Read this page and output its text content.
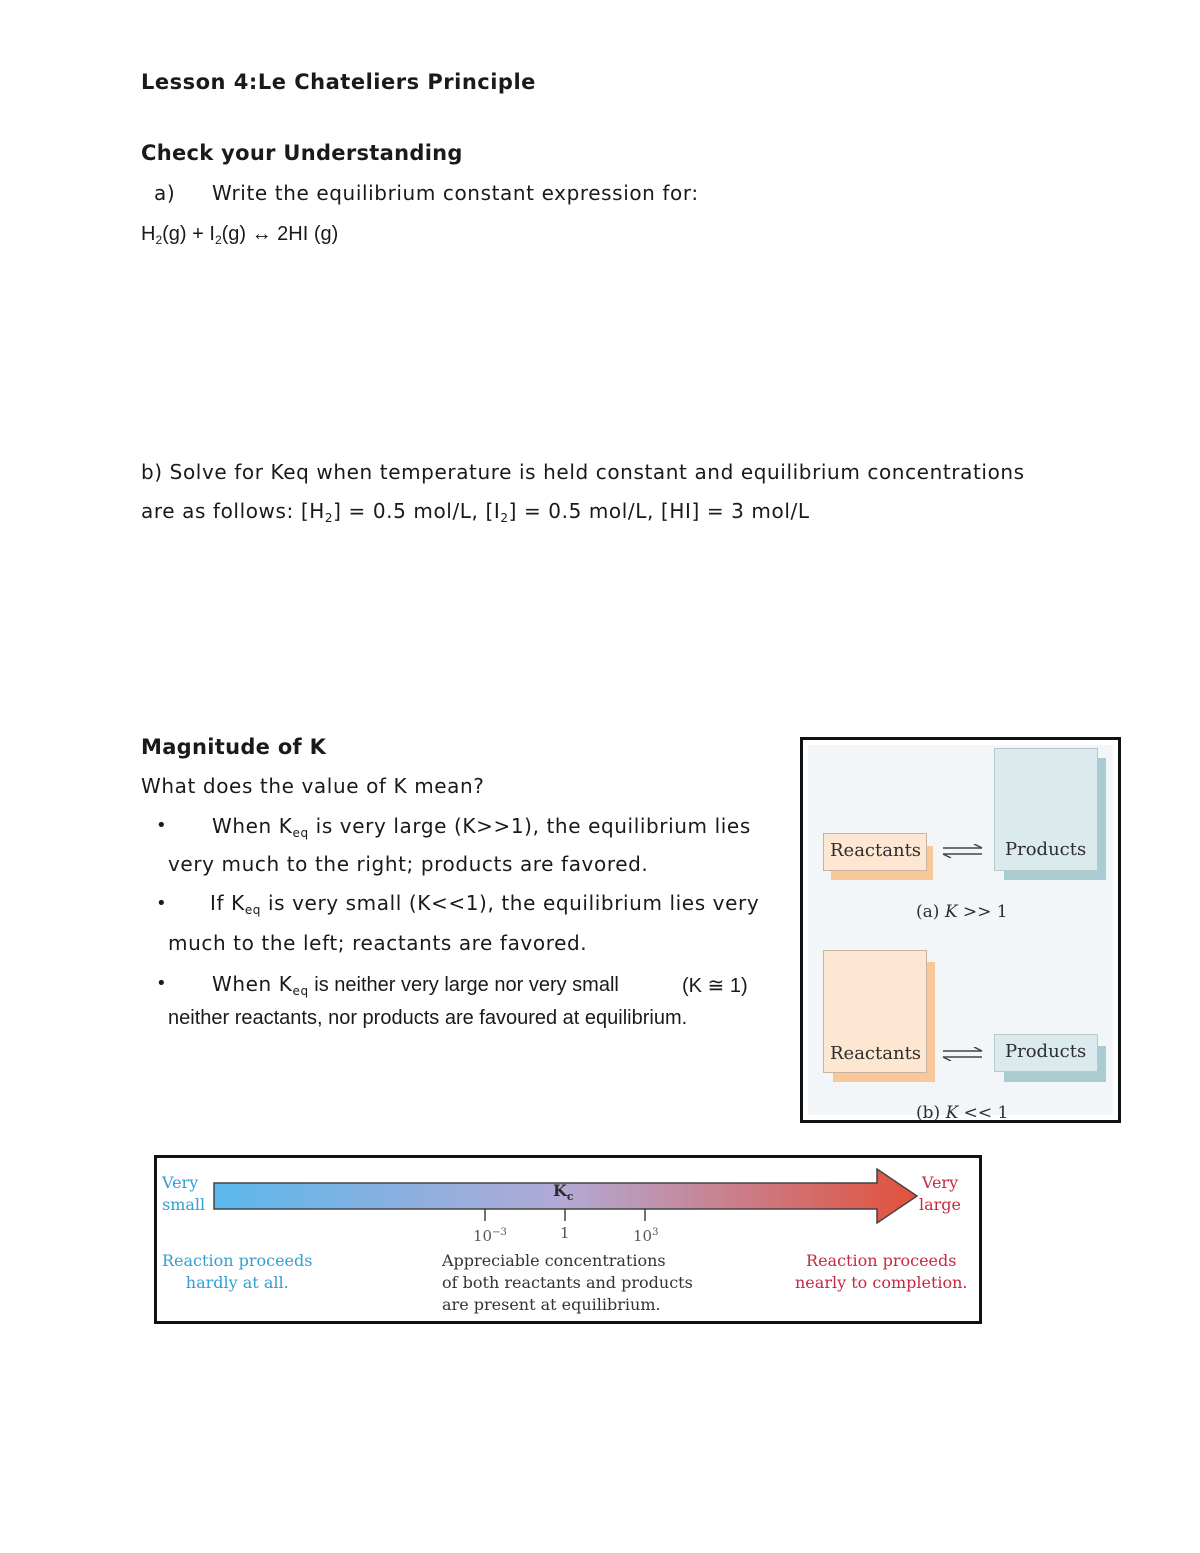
Lesson 4:Le Chateliers Principle
Check your Understanding
a) Write the equilibrium constant expression for:
$H_2(g) + I_2(g)$ ↔ 2HI (g)
b) Solve for Keq when temperature is held constant and equilibrium concentrations
are as follows: $[H_2] = 0.5$ mol/L, $[I_2] = 0.5$ mol/L, [HI] = 3 mol/L
Magnitude of K
What does the value of K mean?
• When $K_{eq}$ is very large (K>>1), the equilibrium lies
very much to the right; products are favored.
• If $K_{eq}$ is very small (K<<1), the equilibrium lies very
much to the left; reactants are favored.
• When $K_{eq}$ is neither very large nor very small	(K ≅ 1)
neither reactants, nor products are favoured at equilibrium.
Reactants	Products
(a) K >> 1
Reactants	Products
(b) K << 1
Very
small
$K_c$
$10^{-3}$	1	$10^3$
Very
large
Reaction proceeds
hardly at all.
Appreciable concentrations
of both reactants and products
are present at equilibrium.
Reaction proceeds
nearly to completion.
